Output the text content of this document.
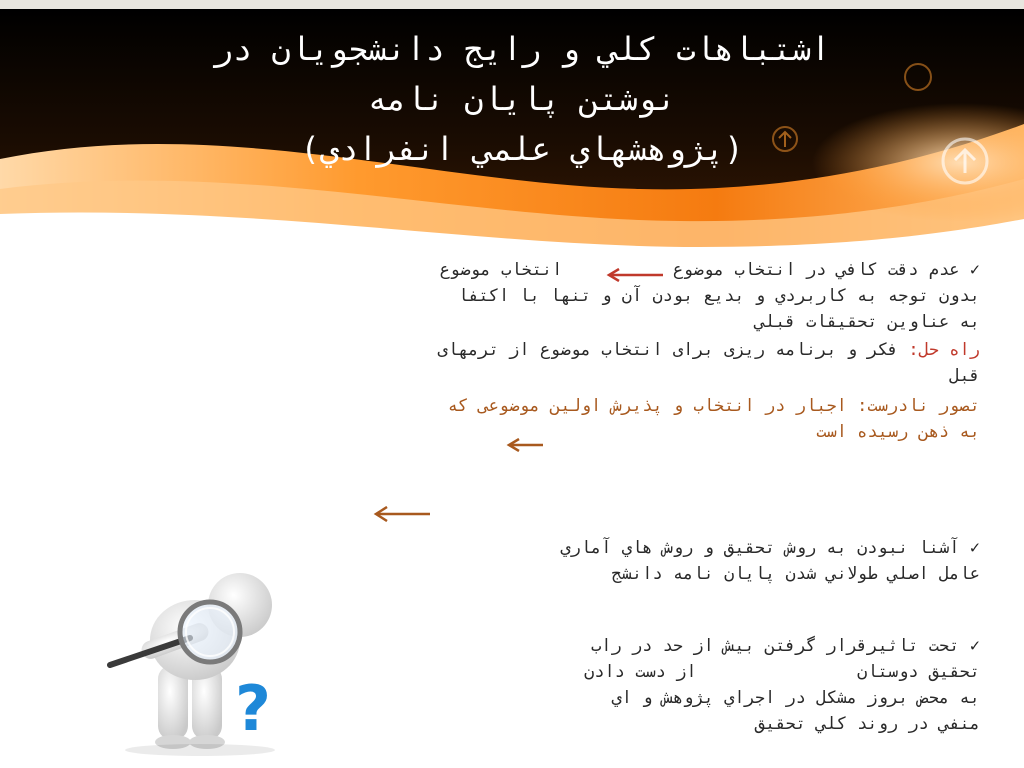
اشتباهات كلي و رايج دانشجويان در
نوشتن پايان نامه
(پژوهشهاي علمي انفرادي)
✓ عدم دقت كافي در انتخاب موضوع  انتخاب موضوع
بدون توجه به كاربردي و بديع بودن آن و تنها با اكتفا
به عناوين تحقيقات قبلي
راه حل: فكر و برنامه ريزی برای انتخاب موضوع از ترمهای
قبل
تصور نادرست: اجبار در انتخاب و پذيرش اولين موضوعی كه
به ذهن رسيده است
✓ آشنا نبودن به روش تحقيق و روش هاي آماري
عامل اصلي طولاني شدن پايان نامه دانشج
✓ تحت تاثيرقرار گرفتن بيش از حد در راب
تحقيق دوستان  از دست دادن
به محض بروز مشكل در اجراي پژوهش و اي
منفي در روند كلي تحقيق
?
